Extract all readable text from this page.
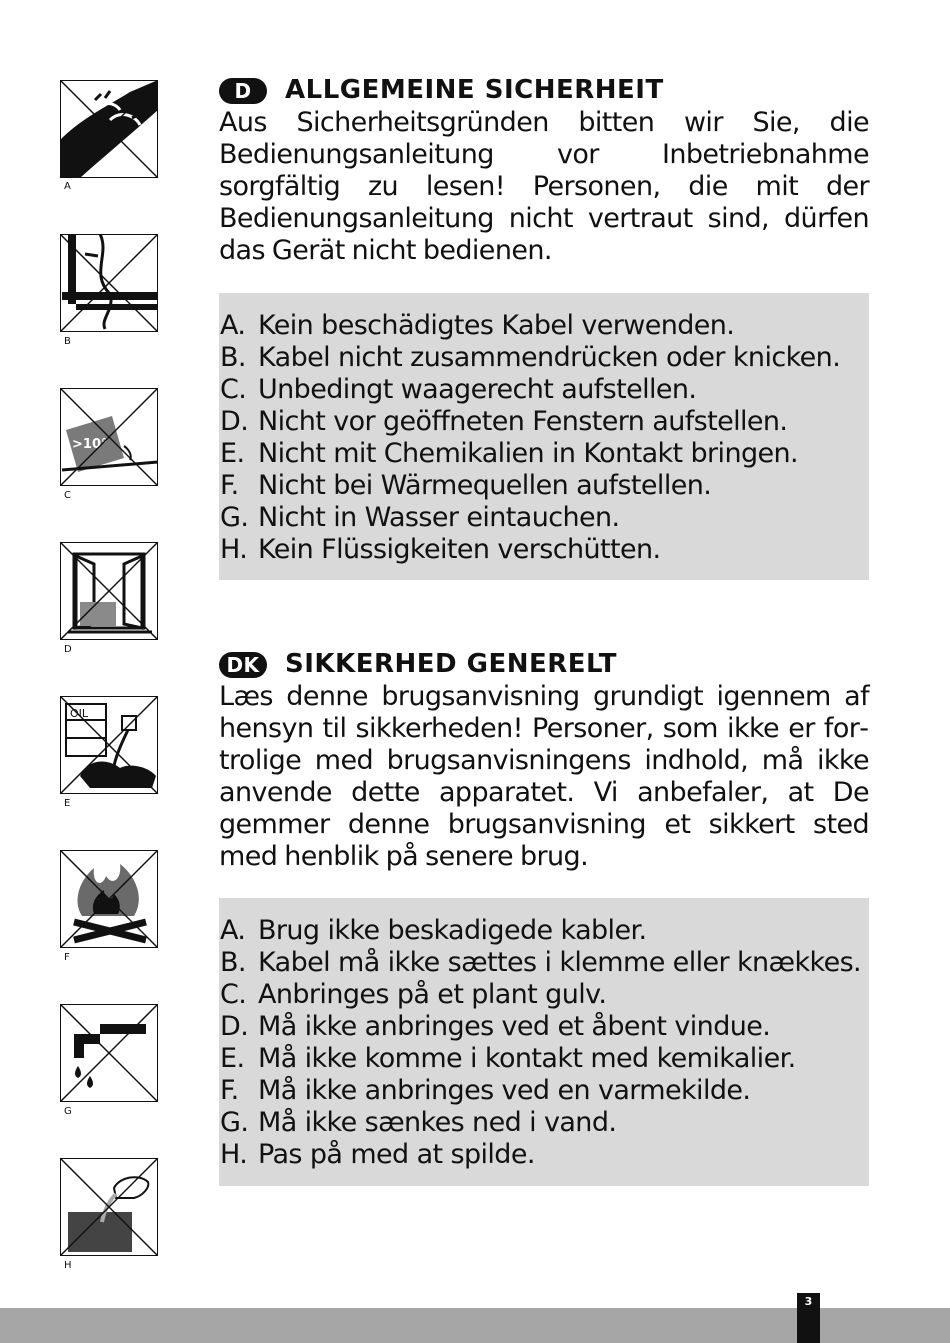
A
B
>10°
C
D
OIL
E
F
G
H
D	ALLGEMEINE SICHERHEIT

Aus Sicherheitsgründen bitten wir Sie, die Bedienungsanleitung vor Inbetriebnahme sorgfältig zu lesen! Personen, die mit der Bedienungsanleitung nicht vertraut sind, dürfen das Gerät nicht bedienen.

A. Kein beschädigtes Kabel verwenden.
B. Kabel nicht zusammendrücken oder knicken.
C. Unbedingt waagerecht aufstellen.
D. Nicht vor geöffneten Fenstern aufstellen.
E. Nicht mit Chemikalien in Kontakt bringen.
F. Nicht bei Wärmequellen aufstellen.
G. Nicht in Wasser eintauchen.
H. Kein Flüssigkeiten verschütten.
DK SIKKERHED GENERELT

Læs denne brugsanvisning grundigt igennem af hensyn til sikkerheden! Personer, som ikke er fortrolige med brugsanvisningens indhold, må ikke anvende dette apparatet. Vi anbefaler, at De gemmer denne brugsanvisning et sikkert sted med henblik på senere brug.

A. Brug ikke beskadigede kabler.
B. Kabel må ikke sættes i klemme eller knækkes.
C. Anbringes på et plant gulv.
D. Må ikke anbringes ved et åbent vindue.
E. Må ikke komme i kontakt med kemikalier.
F. Må ikke anbringes ved en varmekilde.
G. Må ikke sænkes ned i vand.
H. Pas på med at spilde.
3
